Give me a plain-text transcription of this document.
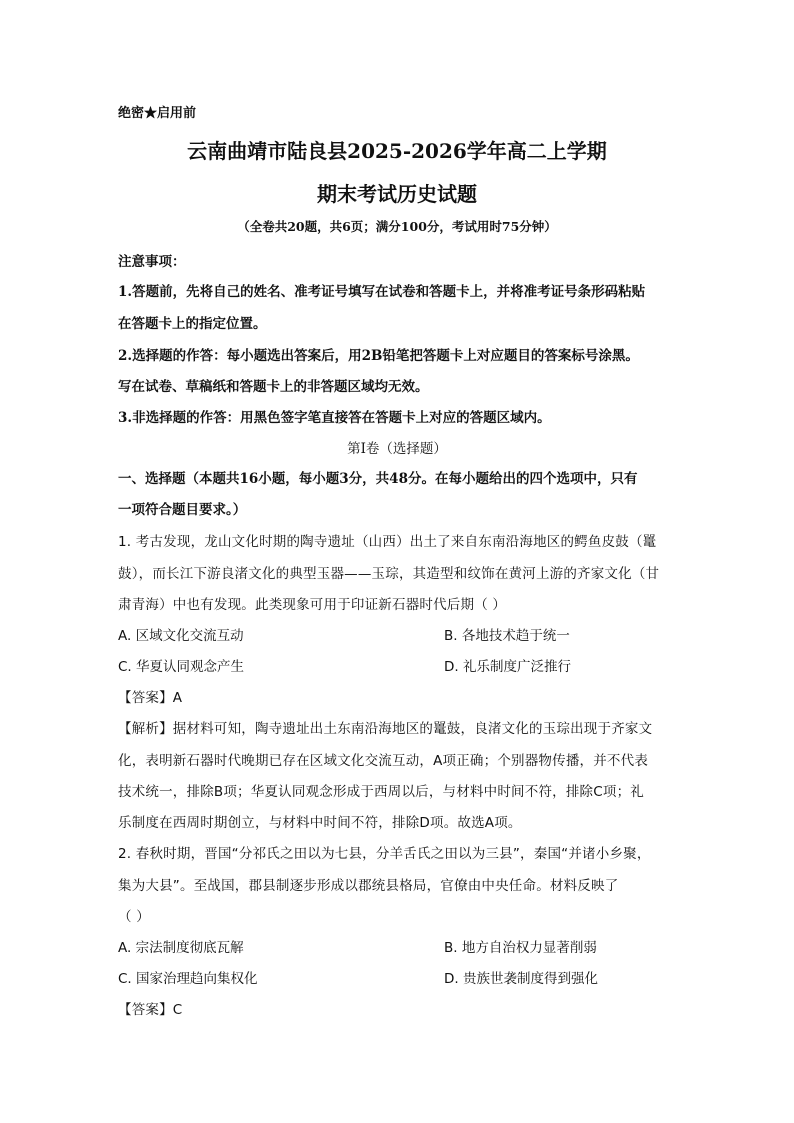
绝密★启用前
云南曲靖市陆良县2025-2026学年高二上学期
期末考试历史试题
（全卷共20题，共6页；满分100分，考试用时75分钟）
注意事项：
1.答题前，先将自己的姓名、准考证号填写在试卷和答题卡上，并将准考证号条形码粘贴
在答题卡上的指定位置。
2.选择题的作答：每小题选出答案后，用2B铅笔把答题卡上对应题目的答案标号涂黑。
写在试卷、草稿纸和答题卡上的非答题区域均无效。
3.非选择题的作答：用黑色签字笔直接答在答题卡上对应的答题区域内。
第Ⅰ卷（选择题）
一、选择题（本题共16小题，每小题3分，共48分。在每小题给出的四个选项中，只有
一项符合题目要求。）
1. 考古发现，龙山文化时期的陶寺遗址（山西）出土了来自东南沿海地区的鳄鱼皮鼓（鼍
鼓），而长江下游良渚文化的典型玉器——玉琮，其造型和纹饰在黄河上游的齐家文化（甘
肃青海）中也有发现。此类现象可用于印证新石器时代后期（ ）
A. 区域文化交流互动	B. 各地技术趋于统一
C. 华夏认同观念产生	D. 礼乐制度广泛推行
【答案】A
【解析】据材料可知，陶寺遗址出土东南沿海地区的鼍鼓，良渚文化的玉琮出现于齐家文
化，表明新石器时代晚期已存在区域文化交流互动，A项正确；个别器物传播，并不代表
技术统一，排除B项；华夏认同观念形成于西周以后，与材料中时间不符，排除C项；礼
乐制度在西周时期创立，与材料中时间不符，排除D项。故选A项。
2. 春秋时期，晋国“分祁氏之田以为七县，分羊舌氏之田以为三县”，秦国“并诸小乡聚，
集为大县”。至战国，郡县制逐步形成以郡统县格局，官僚由中央任命。材料反映了
（ ）
A. 宗法制度彻底瓦解	B. 地方自治权力显著削弱
C. 国家治理趋向集权化	D. 贵族世袭制度得到强化
【答案】C
